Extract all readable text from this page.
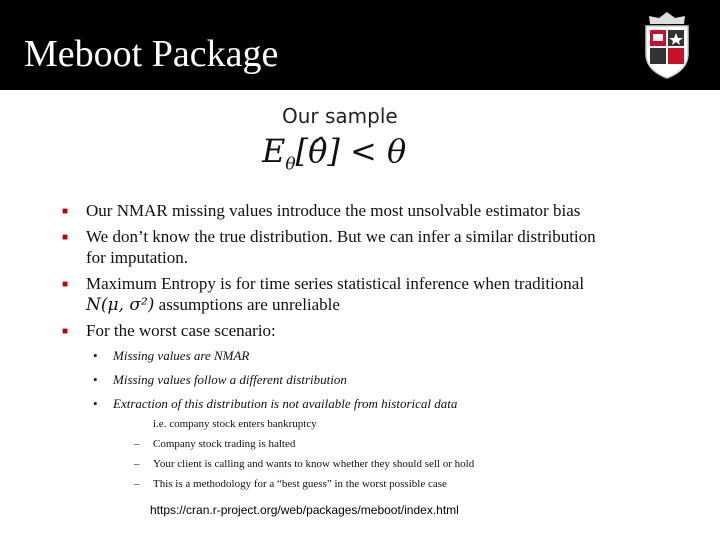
Meboot Package
Our sample
$E_\theta[\thetâ] < \theta$
■ Our NMAR missing values introduce the most unsolvable estimator bias
■ We don’t know the true distribution. But we can infer a similar distribution
for imputation.
■ Maximum Entropy is for time series statistical inference when traditional
N(μ, σ²) assumptions are unreliable
■ For the worst case scenario:
• Missing values are NMAR
• Missing values follow a different distribution
• Extraction of this distribution is not available from historical data
i.e. company stock enters bankruptcy
– Company stock trading is halted
– Your client is calling and wants to know whether they should sell or hold
– This is a methodology for a “best guess” in the worst possible case
https://cran.r-project.org/web/packages/meboot/index.html
